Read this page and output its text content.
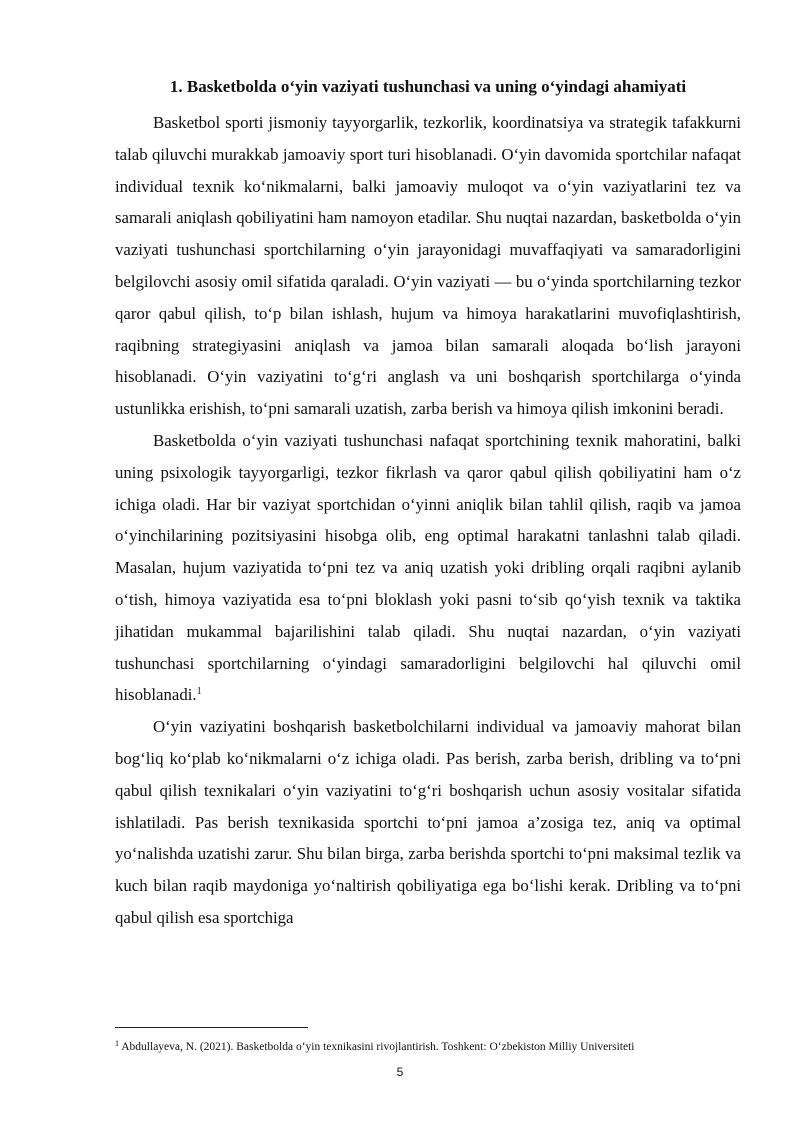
1. Basketbolda o‘yin vaziyati tushunchasi va uning o‘yindagi ahamiyati

Basketbol sporti jismoniy tayyorgarlik, tezkorlik, koordinatsiya va strategik tafakkurni talab qiluvchi murakkab jamoaviy sport turi hisoblanadi. O‘yin davomida sportchilar nafaqat individual texnik ko‘nikmalarni, balki jamoaviy muloqot va o‘yin vaziyatlarini tez va samarali aniqlash qobiliyatini ham namoyon etadilar. Shu nuqtai nazardan, basketbolda o‘yin vaziyati tushunchasi sportchilarning o‘yin jarayonidagi muvaffaqiyati va samaradorligini belgilovchi asosiy omil sifatida qaraladi. O‘yin vaziyati — bu o‘yinda sportchilarning tezkor qaror qabul qilish, to‘p bilan ishlash, hujum va himoya harakatlarini muvofiqlashtirish, raqibning strategiyasini aniqlash va jamoa bilan samarali aloqada bo‘lish jarayoni hisoblanadi. O‘yin vaziyatini to‘g‘ri anglash va uni boshqarish sportchilarga o‘yinda ustunlikka erishish, to‘pni samarali uzatish, zarba berish va himoya qilish imkonini beradi.

Basketbolda o‘yin vaziyati tushunchasi nafaqat sportchining texnik mahoratini, balki uning psixologik tayyorgarligi, tezkor fikrlash va qaror qabul qilish qobiliyatini ham o‘z ichiga oladi. Har bir vaziyat sportchidan o‘yinni aniqlik bilan tahlil qilish, raqib va jamoa o‘yinchilarining pozitsiyasini hisobga olib, eng optimal harakatni tanlashni talab qiladi. Masalan, hujum vaziyatida to‘pni tez va aniq uzatish yoki dribling orqali raqibni aylanib o‘tish, himoya vaziyatida esa to‘pni bloklash yoki pasni to‘sib qo‘yish texnik va taktika jihatidan mukammal bajarilishini talab qiladi. Shu nuqtai nazardan, o‘yin vaziyati tushunchasi sportchilarning o‘yindagi samaradorligini belgilovchi hal qiluvchi omil hisoblanadi.$^1$

O‘yin vaziyatini boshqarish basketbolchilarni individual va jamoaviy mahorat bilan bog‘liq ko‘plab ko‘nikmalarni o‘z ichiga oladi. Pas berish, zarba berish, dribling va to‘pni qabul qilish texnikalari o‘yin vaziyatini to‘g‘ri boshqarish uchun asosiy vositalar sifatida ishlatiladi. Pas berish texnikasida sportchi to‘pni jamoa a’zosiga tez, aniq va optimal yo‘nalishda uzatishi zarur. Shu bilan birga, zarba berishda sportchi to‘pni maksimal tezlik va kuch bilan raqib maydoniga yo‘naltirish qobiliyatiga ega bo‘lishi kerak. Dribling va to‘pni qabul qilish esa sportchiga

$^1$ Abdullayeva, N. (2021). Basketbolda o‘yin texnikasini rivojlantirish. Toshkent: O‘zbekiston Milliy Universiteti
5
